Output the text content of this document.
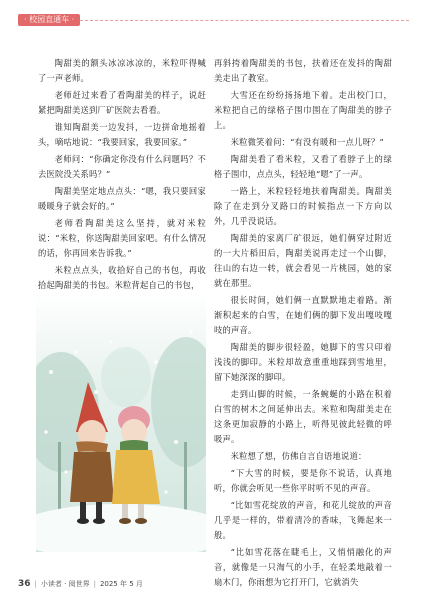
· 校园直通车 ·

陶甜美的额头冰凉冰凉的，米粒吓得喊了一声老师。

老师赶过来看了看陶甜美的样子，说赶紧把陶甜美送到厂矿医院去看看。

谁知陶甜美一边发抖，一边拼命地摇着头，嘀咕地说：“我要回家，我要回家。”

老师问：“你确定你没有什么问题吗？不去医院没关系吗？”

陶甜美坚定地点点头：“嗯，我只要回家暖暖身子就会好的。”

老师看陶甜美这么坚持，就对米粒说：“米粒，你送陶甜美回家吧。有什么情况的话，你再回来告诉我。”

米粒点点头，收拾好自己的书包，再收拾起陶甜美的书包。米粒背起自己的书包，

再斜挎着陶甜美的书包，扶着还在发抖的陶甜美走出了教室。

大雪还在纷纷扬扬地下着。走出校门口，米粒把自己的绿格子围巾围在了陶甜美的脖子上。

米粒微笑着问：“有没有暖和一点儿呀？”

陶甜美看了看米粒，又看了看脖子上的绿格子围巾，点点头，轻轻地“嗯”了一声。

一路上，米粒轻轻地扶着陶甜美。陶甜美除了在走到分叉路口的时候指点一下方向以外，几乎没说话。

陶甜美的家离厂矿很远，她们俩穿过附近的一大片稻田后，陶甜美说再走过一个山脚，往山的右边一转，就会看见一片桃园，她的家就在那里。

很长时间，她们俩一直默默地走着路。渐渐积起来的白雪，在她们俩的脚下发出嘎吱嘎吱的声音。

陶甜美的脚步很轻盈，她脚下的雪只印着浅浅的脚印。米粒却故意重重地踩到雪地里，留下她深深的脚印。

走到山脚的时候，一条蜿蜒的小路在积着白雪的树木之间延伸出去。米粒和陶甜美走在这条更加寂静的小路上，听得见彼此轻微的呼吸声。

米粒想了想，仿佛自言自语地说道：

“下大雪的时候，要是你不说话，认真地听，你就会听见一些你平时听不见的声音。

“比如雪花绽放的声音，和花儿绽放的声音几乎是一样的，带着清冷的香味，飞舞起来一般。

“比如雪花落在睫毛上，又悄悄融化的声音，就像是一只淘气的小手，在轻柔地敲着一扇木门，你雨想为它打开门，它就消失

36 | 小读者 · 阅世界 | 2025 年 5 月
